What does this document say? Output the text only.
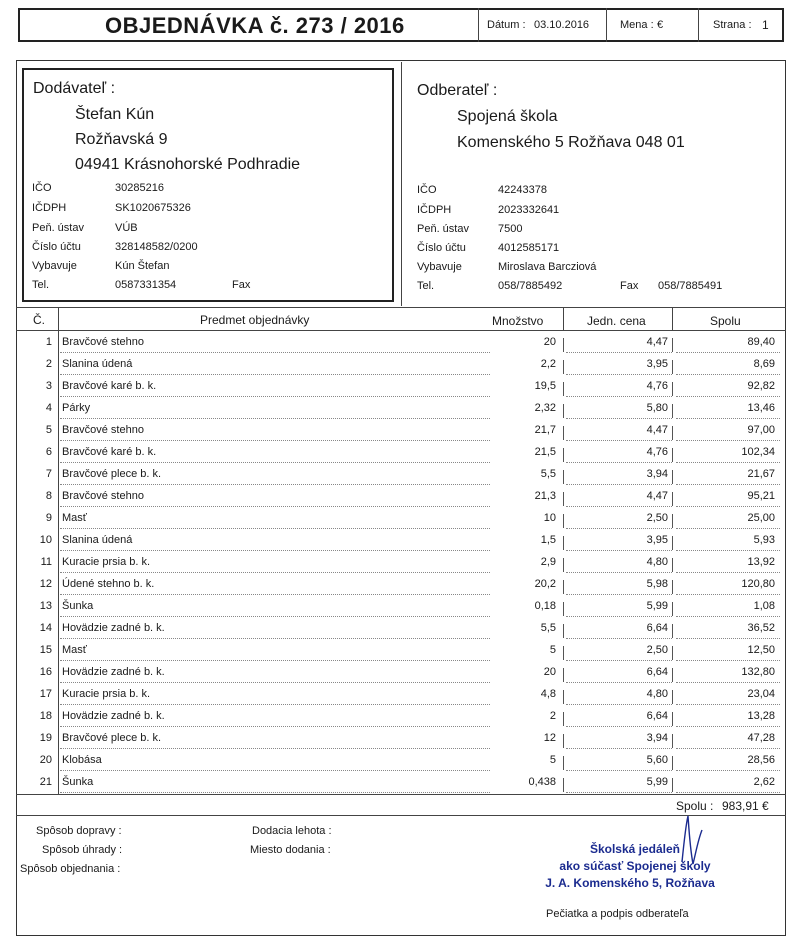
OBJEDNÁVKA č. 273 / 2016	Dátum : 03.10.2016	Mena : €	Strana : 1
Dodávateľ :
Štefan Kún
Rožňavská 9
04941 Krásnohorské Podhradie
IČO	30285216
IČDPH	SK1020675326
Peň. ústav	VÚB
Číslo účtu	328148582/0200
Vybavuje	Kún Štefan
Tel.	0587331354	Fax
Odberateľ :
Spojená škola
Komenského 5 Rožňava 048 01
IČO	42243378
IČDPH	2023332641
Peň. ústav	7500
Číslo účtu	4012585171
Vybavuje	Miroslava Barcziová
Tel.	058/7885492	Fax 058/7885491
Č.	Predmet objednávky	Množstvo	Jedn. cena	Spolu
1 Bravčové stehno	20	4,47	89,40
2 Slanina údená	2,2	3,95	8,69
3 Bravčové karé b. k.	19,5	4,76	92,82
4 Párky	2,32	5,80	13,46
5 Bravčové stehno	21,7	4,47	97,00
6 Bravčové karé b. k.	21,5	4,76	102,34
7 Bravčové plece b. k.	5,5	3,94	21,67
8 Bravčové stehno	21,3	4,47	95,21
9 Masť	10	2,50	25,00
10 Slanina údená	1,5	3,95	5,93
11 Kuracie prsia b. k.	2,9	4,80	13,92
12 Údené stehno b. k.	20,2	5,98	120,80
13 Šunka	0,18	5,99	1,08
14 Hovädzie zadné b. k.	5,5	6,64	36,52
15 Masť	5	2,50	12,50
16 Hovädzie zadné b. k.	20	6,64	132,80
17 Kuracie prsia b. k.	4,8	4,80	23,04
18 Hovädzie zadné b. k.	2	6,64	13,28
19 Bravčové plece b. k.	12	3,94	47,28
20 Klobása	5	5,60	28,56
21 Šunka	0,438	5,99	2,62
Spolu : 983,91 €
Spôsob dopravy :
Spôsob úhrady :
Spôsob objednania :
Dodacia lehota :
Miesto dodania :	Školská jedáleň
ako súčasť Spojenej školy
J. A. Komenského 5, Rožňava
Pečiatka a podpis odberateľa
